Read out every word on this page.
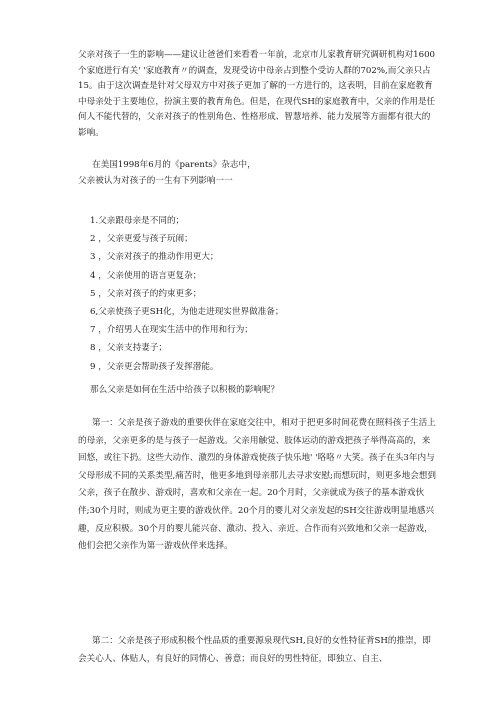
父亲对孩子一生的影响——建议让爸爸们来看看一年前，北京市儿家教育研究调研机构对1600个家庭进行有关' '家庭教育〃的调查，发现受访中母亲占到整个受访人群的702%,而父亲只占15。由于这次调查是针对父母双方中对孩子更加了解的一方进行的，这表明，目前在家庭教育中母亲处于主要地位，扮演主要的教育角色。但是，在现代SH的家庭教育中，父亲的作用是任何人不能代替的，父亲对孩子的性别角色、性格形成、智慧培养、能力发展等方面都有很大的影响。

在美国1998年6月的《parents》杂志中，
父亲被认为对孩子的一生有下列影响一一

1.父亲跟母亲是不同的；
2 ，父亲更爱与孩子玩闹；
3 ，父亲对孩子的推动作用更大；
4 ，父亲使用的语言更复杂；
5 ，父亲对孩子的约束更多；
6,父亲使孩子更SH化，为他走进现实世界做准备；
7 ，介绍男人在现实生活中的作用和行为；
8 ，父亲支持妻子；
9 ，父亲更会帮助孩子发挥潜能。

那么父亲是如何在生活中给孩子以积极的影响呢？

第一：父亲是孩子游戏的重要伙伴在家庭交往中，相对于把更多时间花费在照料孩子生活上的母亲，父亲更多的是与孩子一起游戏。父亲用触觉、肢体运动的游戏把孩子举得高高的，来回悠，或往下扔。这些大动作、激烈的身体游戏使孩子快乐地' '咯咯〃大笑。孩子在头3年内与父母形成不同的关系类型,痛苦时，他更多地到母亲那儿去寻求安慰;而想玩时，则更多地会想到父亲，孩子在散步、游戏时，喜欢和父亲在一起。20个月时，父亲就成为孩子的基本游戏伙伴;30个月时，则成为更主要的游戏伙伴。20个月的婴儿对父亲发起的SH交往游戏明显地感兴趣，反应积极。30个月的婴儿能兴奋、激动、投入、亲近、合作而有兴致地和父亲一起游戏，他们会把父亲作为第一游戏伙伴来选择。

第二：父亲是孩子形成积极个性品质的重要源泉现代SH,良好的女性特征背SH的推崇，即会关心人、体贴人，有良好的同情心、善意；而良好的男性特征，即独立、自主、
